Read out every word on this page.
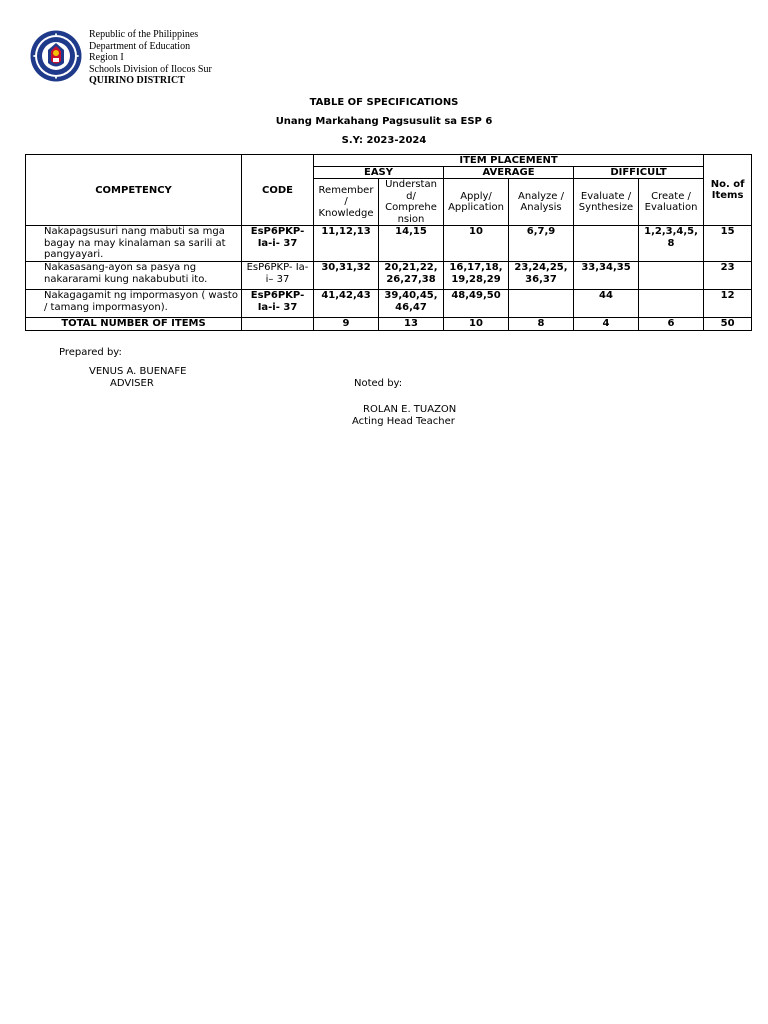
Republic of the Philippines
Department of Education
Region I
Schools Division of Ilocos Sur
QUIRINO DISTRICT
TABLE OF SPECIFICATIONS
Unang Markahang Pagsusulit sa ESP 6
S.Y: 2023-2024
COMPETENCY	CODE	ITEM PLACEMENT						No. of Items
		EASY		AVERAGE		DIFFICULT		
		Remember / Knowledge	Understan d/ Comprehe nsion	Apply/ Application	Analyze / Analysis	Evaluate / Synthesize	Create / Evaluation	
Nakapagsusuri nang mabuti sa mga bagay na may kinalaman sa sarili at pangyayari.	EsP6PKP- Ia-i- 37	11,12,13	14,15	10	6,7,9		1,2,3,4,5, 8	15
Nakasasang-ayon sa pasya ng nakararami kung nakabubuti ito.	EsP6PKP- Ia- i– 37	30,31,32	20,21,22, 26,27,38	16,17,18, 19,28,29	23,24,25, 36,37	33,34,35		23
Nakagagamit ng impormasyon ( wasto / tamang impormasyon).	EsP6PKP- Ia-i- 37	41,42,43	39,40,45, 46,47	48,49,50		44		12
TOTAL NUMBER OF ITEMS		9	13	10	8	4	6	50
Prepared by:
VENUS A. BUENAFE
ADVISER	Noted by:
ROLAN E. TUAZON
Acting Head Teacher
